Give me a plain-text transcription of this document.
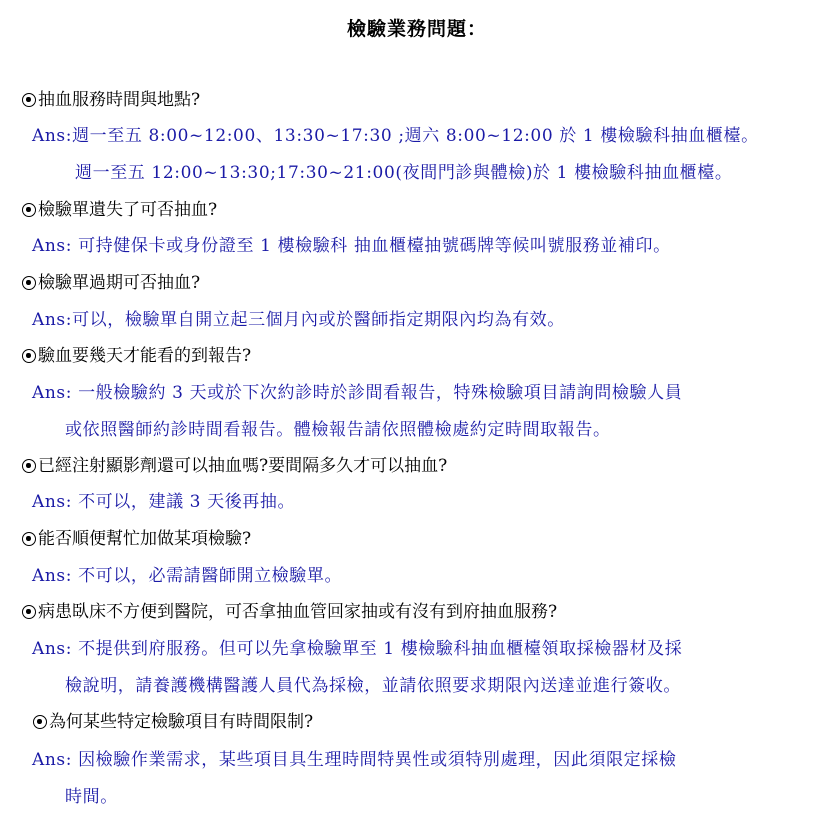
檢驗業務問題：
抽血服務時間與地點?
Ans:週一至五 8:00~12:00、13:30~17:30 ;週六 8:00~12:00 於 1 樓檢驗科抽血櫃檯。
週一至五 12:00~13:30;17:30~21:00(夜間門診與體檢)於 1 樓檢驗科抽血櫃檯。
檢驗單遺失了可否抽血?
Ans: 可持健保卡或身份證至 1 樓檢驗科 抽血櫃檯抽號碼牌等候叫號服務並補印。
檢驗單過期可否抽血?
Ans:可以，檢驗單自開立起三個月內或於醫師指定期限內均為有效。
驗血要幾天才能看的到報告?
Ans: 一般檢驗約 3 天或於下次約診時於診間看報告，特殊檢驗項目請詢問檢驗人員
或依照醫師約診時間看報告。體檢報告請依照體檢處約定時間取報告。
已經注射顯影劑還可以抽血嗎?要間隔多久才可以抽血?
Ans: 不可以，建議 3 天後再抽。
能否順便幫忙加做某項檢驗?
Ans: 不可以，必需請醫師開立檢驗單。
病患臥床不方便到醫院，可否拿抽血管回家抽或有沒有到府抽血服務?
Ans: 不提供到府服務。但可以先拿檢驗單至 1 樓檢驗科抽血櫃檯領取採檢器材及採
檢說明，請養護機構醫護人員代為採檢，並請依照要求期限內送達並進行簽收。
為何某些特定檢驗項目有時間限制?
Ans: 因檢驗作業需求，某些項目具生理時間特異性或須特別處理，因此須限定採檢
時間。
